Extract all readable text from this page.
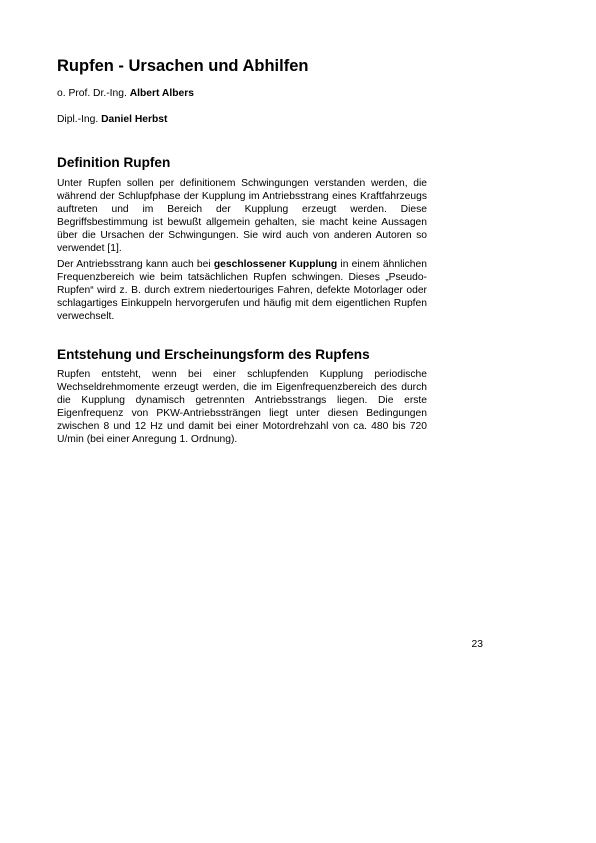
Rupfen - Ursachen und Abhilfen

o. Prof. Dr.-Ing. Albert Albers

Dipl.-Ing. Daniel Herbst

Definition Rupfen

Unter Rupfen sollen per definitionem Schwingungen verstanden werden, die während der Schlupfphase der Kupplung im Antriebsstrang eines Kraftfahrzeugs auftreten und im Bereich der Kupplung erzeugt werden. Diese Begriffsbestimmung ist bewußt allgemein gehalten, sie macht keine Aussagen über die Ursachen der Schwingungen. Sie wird auch von anderen Autoren so verwendet [1].

Der Antriebsstrang kann auch bei geschlossener Kupplung in einem ähnlichen Frequenzbereich wie beim tatsächlichen Rupfen schwingen. Dieses „Pseudo-Rupfen“ wird z. B. durch extrem niedertouriges Fahren, defekte Motorlager oder schlagartiges Einkuppeln hervorgerufen und häufig mit dem eigentlichen Rupfen verwechselt.

Entstehung und Erscheinungsform des Rupfens

Rupfen entsteht, wenn bei einer schlupfenden Kupplung periodische Wechseldrehmomente erzeugt werden, die im Eigenfrequenzbereich des durch die Kupplung dynamisch getrennten Antriebsstrangs liegen. Die erste Eigenfrequenz von PKW-Antriebssträngen liegt unter diesen Bedingungen zwischen 8 und 12 Hz und damit bei einer Motordrehzahl von ca. 480 bis 720 U/min (bei einer Anregung 1. Ordnung).

23
